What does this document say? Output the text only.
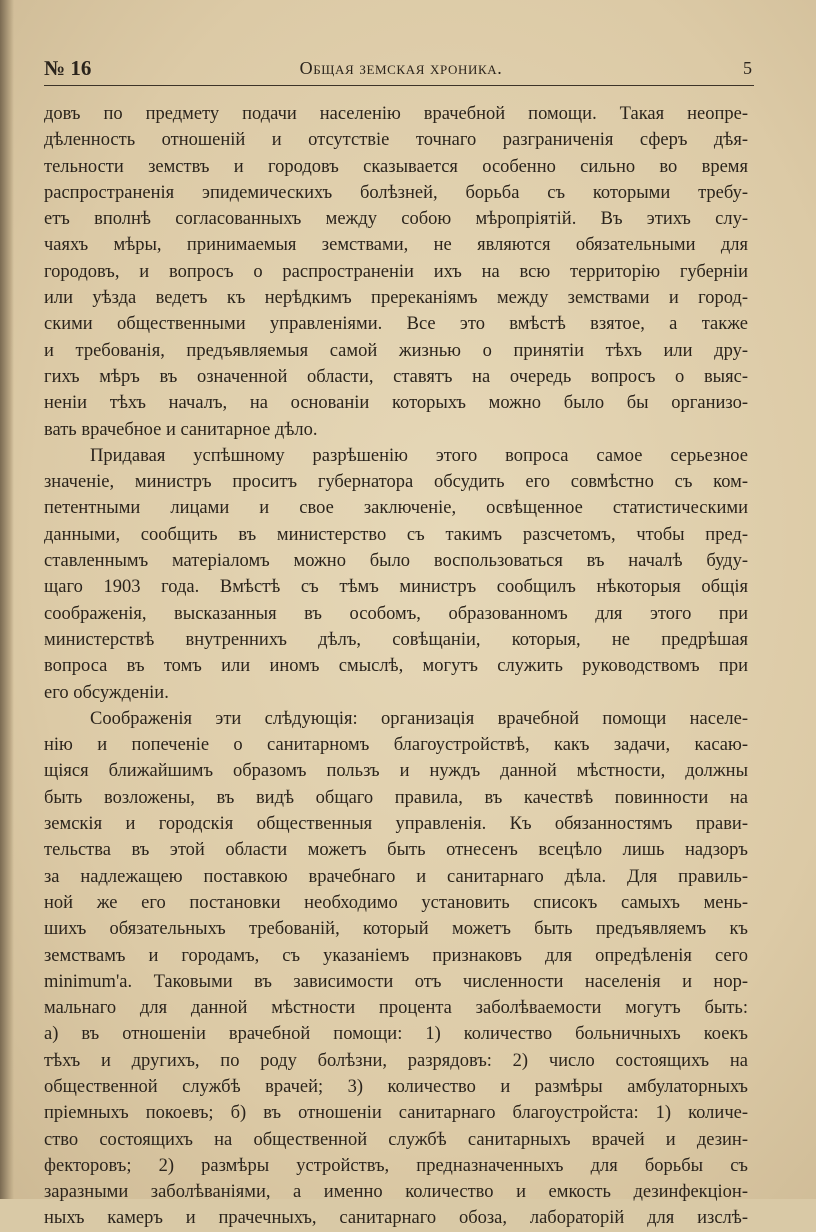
№ 16	Общая земская хроника.	5
довъ по предмету подачи населенію врачебной помощи. Такая неопре-
дѣленность отношеній и отсутствіе точнаго разграниченія сферъ дѣя-
тельности земствъ и городовъ сказывается особенно сильно во время
распространенія эпидемическихъ болѣзней, борьба съ которыми требу-
етъ вполнѣ согласованныхъ между собою мѣропріятій. Въ этихъ слу-
чаяхъ мѣры, принимаемыя земствами, не являются обязательными для
городовъ, и вопросъ о распространеніи ихъ на всю территорію губерніи
или уѣзда ведетъ къ нерѣдкимъ пререканіямъ между земствами и город-
скими общественными управленіями. Все это вмѣстѣ взятое, а также
и требованія, предъявляемыя самой жизнью о принятіи тѣхъ или дру-
гихъ мѣръ въ означенной области, ставятъ на очередь вопросъ о выяс-
неніи тѣхъ началъ, на основаніи которыхъ можно было бы организо-
вать врачебное и санитарное дѣло.
Придавая успѣшному разрѣшенію этого вопроса самое серьезное
значеніе, министръ проситъ губернатора обсудить его совмѣстно съ ком-
петентными лицами и свое заключеніе, освѣщенное статистическими
данными, сообщить въ министерство съ такимъ разсчетомъ, чтобы пред-
ставленнымъ матеріаломъ можно было воспользоваться въ началѣ буду-
щаго 1903 года. Вмѣстѣ съ тѣмъ министръ сообщилъ нѣкоторыя общія
соображенія, высказанныя въ особомъ, образованномъ для этого при
министерствѣ внутреннихъ дѣлъ, совѣщаніи, которыя, не предрѣшая
вопроса въ томъ или иномъ смыслѣ, могутъ служить руководствомъ при
его обсужденіи.
Соображенія эти слѣдующія: организація врачебной помощи населе-
нію и попеченіе о санитарномъ благоустройствѣ, какъ задачи, касаю-
щіяся ближайшимъ образомъ пользъ и нуждъ данной мѣстности, должны
быть возложены, въ видѣ общаго правила, въ качествѣ повинности на
земскія и городскія общественныя управленія. Къ обязанностямъ прави-
тельства въ этой области можетъ быть отнесенъ всецѣло лишь надзоръ
за надлежащею поставкою врачебнаго и санитарнаго дѣла. Для правиль-
ной же его постановки необходимо установить списокъ самыхъ мень-
шихъ обязательныхъ требованій, который можетъ быть предъявляемъ къ
земствамъ и городамъ, съ указаніемъ признаковъ для опредѣленія сего
minimum'а. Таковыми въ зависимости отъ численности населенія и нор-
мальнаго для данной мѣстности процента заболѣваемости могутъ быть:
а) въ отношеніи врачебной помощи: 1) количество больничныхъ коекъ
тѣхъ и другихъ, по роду болѣзни, разрядовъ: 2) число состоящихъ на
общественной службѣ врачей; 3) количество и размѣры амбулаторныхъ
пріемныхъ покоевъ; б) въ отношеніи санитарнаго благоустройста: 1) количе-
ство состоящихъ на общественной службѣ санитарныхъ врачей и дезин-
фекторовъ; 2) размѣры устройствъ, предназначенныхъ для борьбы съ
заразными заболѣваніями, а именно количество и емкость дезинфекціон-
ныхъ камеръ и прачечныхъ, санитарнаго обоза, лабораторій для изслѣ-
